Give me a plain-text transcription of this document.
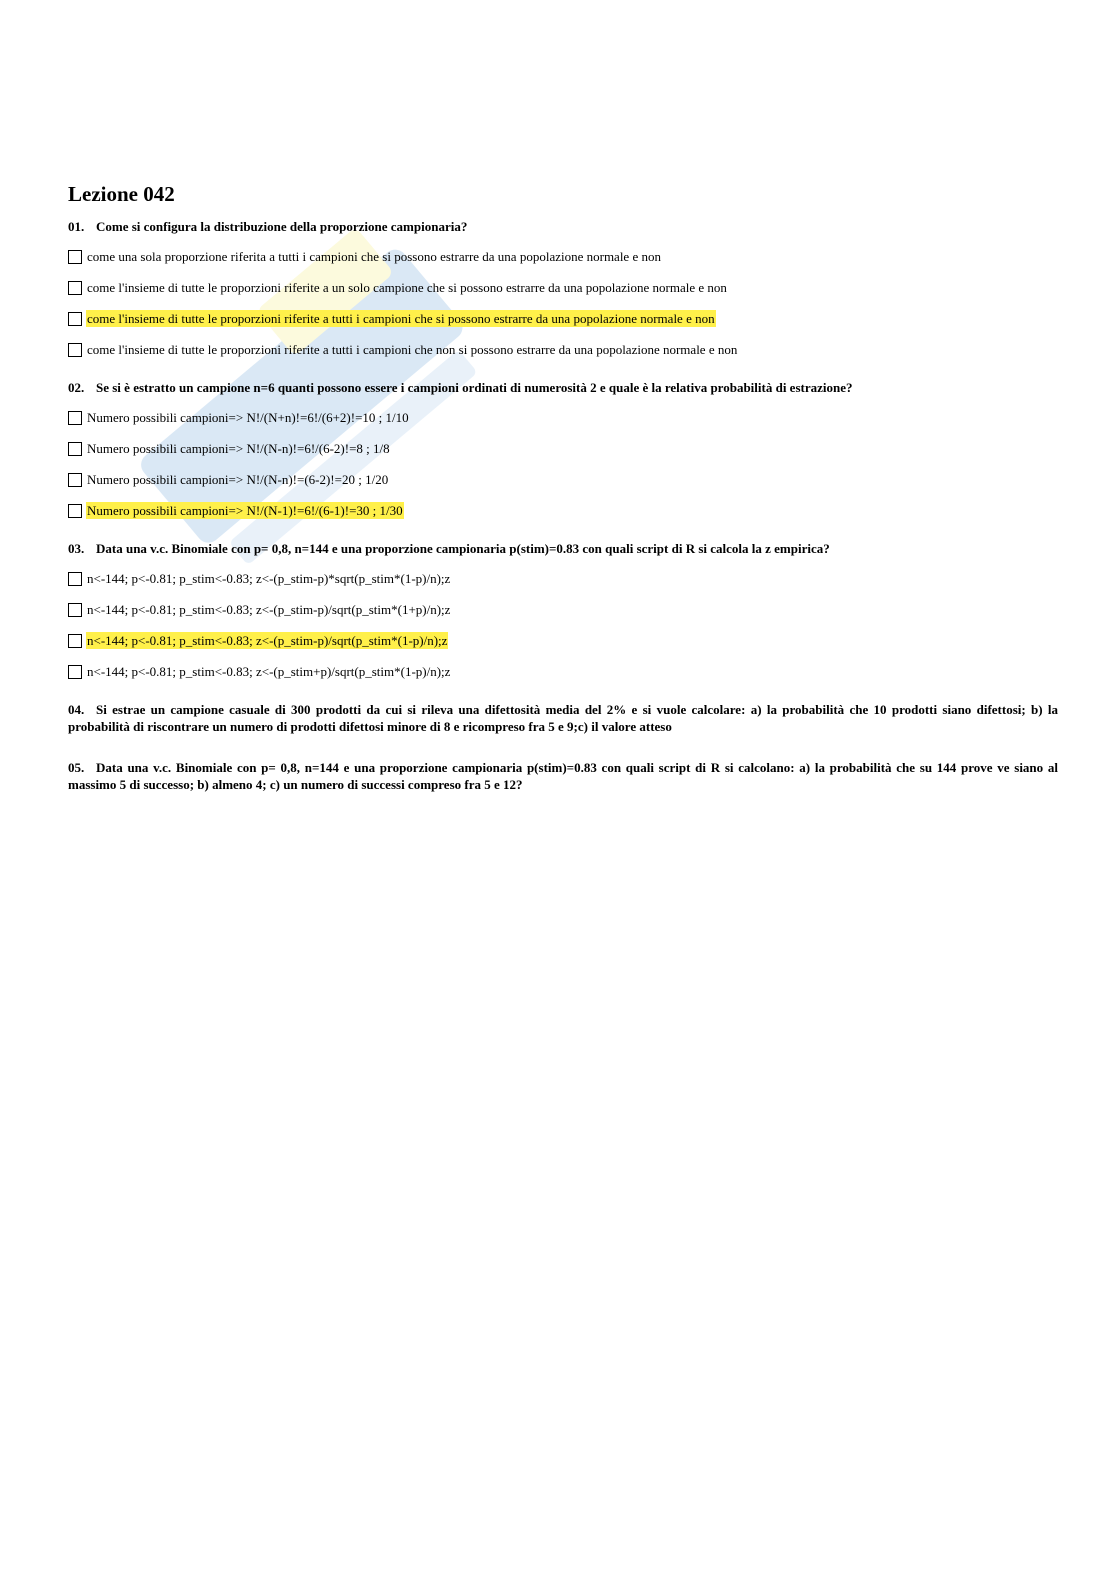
Lezione 042

01. Come si configura la distribuzione della proporzione campionaria?

come una sola proporzione riferita a tutti i campioni che si possono estrarre da una popolazione normale e non
come l'insieme di tutte le proporzioni riferite a un solo campione che si possono estrarre da una popolazione normale e non
come l'insieme di tutte le proporzioni riferite a tutti i campioni che si possono estrarre da una popolazione normale e non
come l'insieme di tutte le proporzioni riferite a tutti i campioni che non si possono estrarre da una popolazione normale e non

02. Se si è estratto un campione n=6 quanti possono essere i campioni ordinati di numerosità 2 e quale è la relativa probabilità di estrazione?

Numero possibili campioni=> N!/(N+n)!=6!/(6+2)!=10 ; 1/10
Numero possibili campioni=> N!/(N-n)!=6!/(6-2)!=8 ; 1/8
Numero possibili campioni=> N!/(N-n)!=(6-2)!=20 ; 1/20
Numero possibili campioni=> N!/(N-1)!=6!/(6-1)!=30 ; 1/30

03. Data una v.c. Binomiale con p= 0,8, n=144 e una proporzione campionaria p(stim)=0.83 con quali script di R si calcola la z empirica?

n<-144; p<-0.81; p_stim<-0.83; z<-(p_stim-p)*sqrt(p_stim*(1-p)/n);z
n<-144; p<-0.81; p_stim<-0.83; z<-(p_stim-p)/sqrt(p_stim*(1+p)/n);z
n<-144; p<-0.81; p_stim<-0.83; z<-(p_stim-p)/sqrt(p_stim*(1-p)/n);z
n<-144; p<-0.81; p_stim<-0.83; z<-(p_stim+p)/sqrt(p_stim*(1-p)/n);z

04. Si estrae un campione casuale di 300 prodotti da cui si rileva una difettosità media del 2% e si vuole calcolare: a) la probabilità che 10 prodotti siano difettosi; b) la probabilità di riscontrare un numero di prodotti difettosi minore di 8 e ricompreso fra 5 e 9;c) il valore atteso

05. Data una v.c. Binomiale con p= 0,8, n=144 e una proporzione campionaria p(stim)=0.83 con quali script di R si calcolano: a) la probabilità che su 144 prove ve siano al massimo 5 di successo; b) almeno 4; c) un numero di successi compreso fra 5 e 12?
